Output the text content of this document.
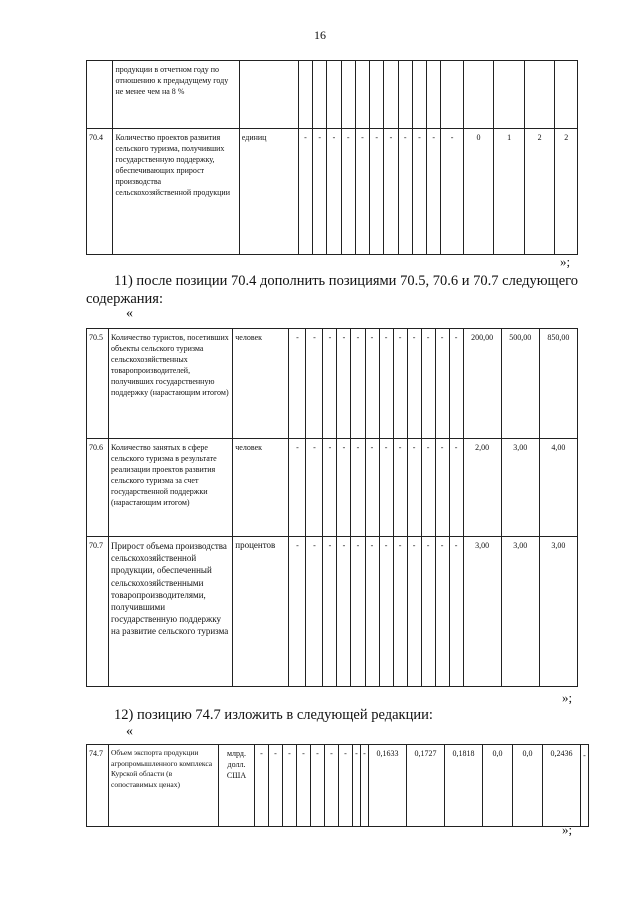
16
	продукции в отчетном году по отношению к предыдущему году не менее чем на 8 %																
70.4	Количество проектов развития сельского туризма, получивших государственную поддержку, обеспечивающих прирост производства сельскохозяйственной продукции	единиц	-	-	-	-	-	-	-	-	-	-	-	0	1	2	2
»;
11) после позиции 70.4 дополнить позициями 70.5, 70.6 и 70.7 следующего содержания:
«
70.5	Количество туристов, посетивших объекты сельского туризма сельскохозяйственных товаропроизводителей, получивших государственную поддержку (нарастающим итогом)	человек	-	-	-	-	-	-	-	-	-	-	-	-	200,00	500,00	850,00
70.6	Количество занятых в сфере сельского туризма в результате реализации проектов развития сельского туризма за счет государственной поддержки (нарастающим итогом)	человек	-	-	-	-	-	-	-	-	-	-	-	-	2,00	3,00	4,00
70.7	Прирост объема производства сельскохозяйственной продукции, обеспеченный сельскохозяйственными товаропроизводителями, получившими государственную поддержку на развитие сельского туризма	процентов	-	-	-	-	-	-	-	-	-	-	-	-	3,00	3,00	3,00
»;
12) позицию 74.7 изложить в следующей редакции:
«
74.7	Объем экспорта продукции агропромышленного комплекса Курской области (в сопоставимых ценах)	млрд. долл. США	-	-	-	-	-	-	-	-	-	0,1633	0,1727	0,1818	0,0	0,0	0,2436	-
»;
